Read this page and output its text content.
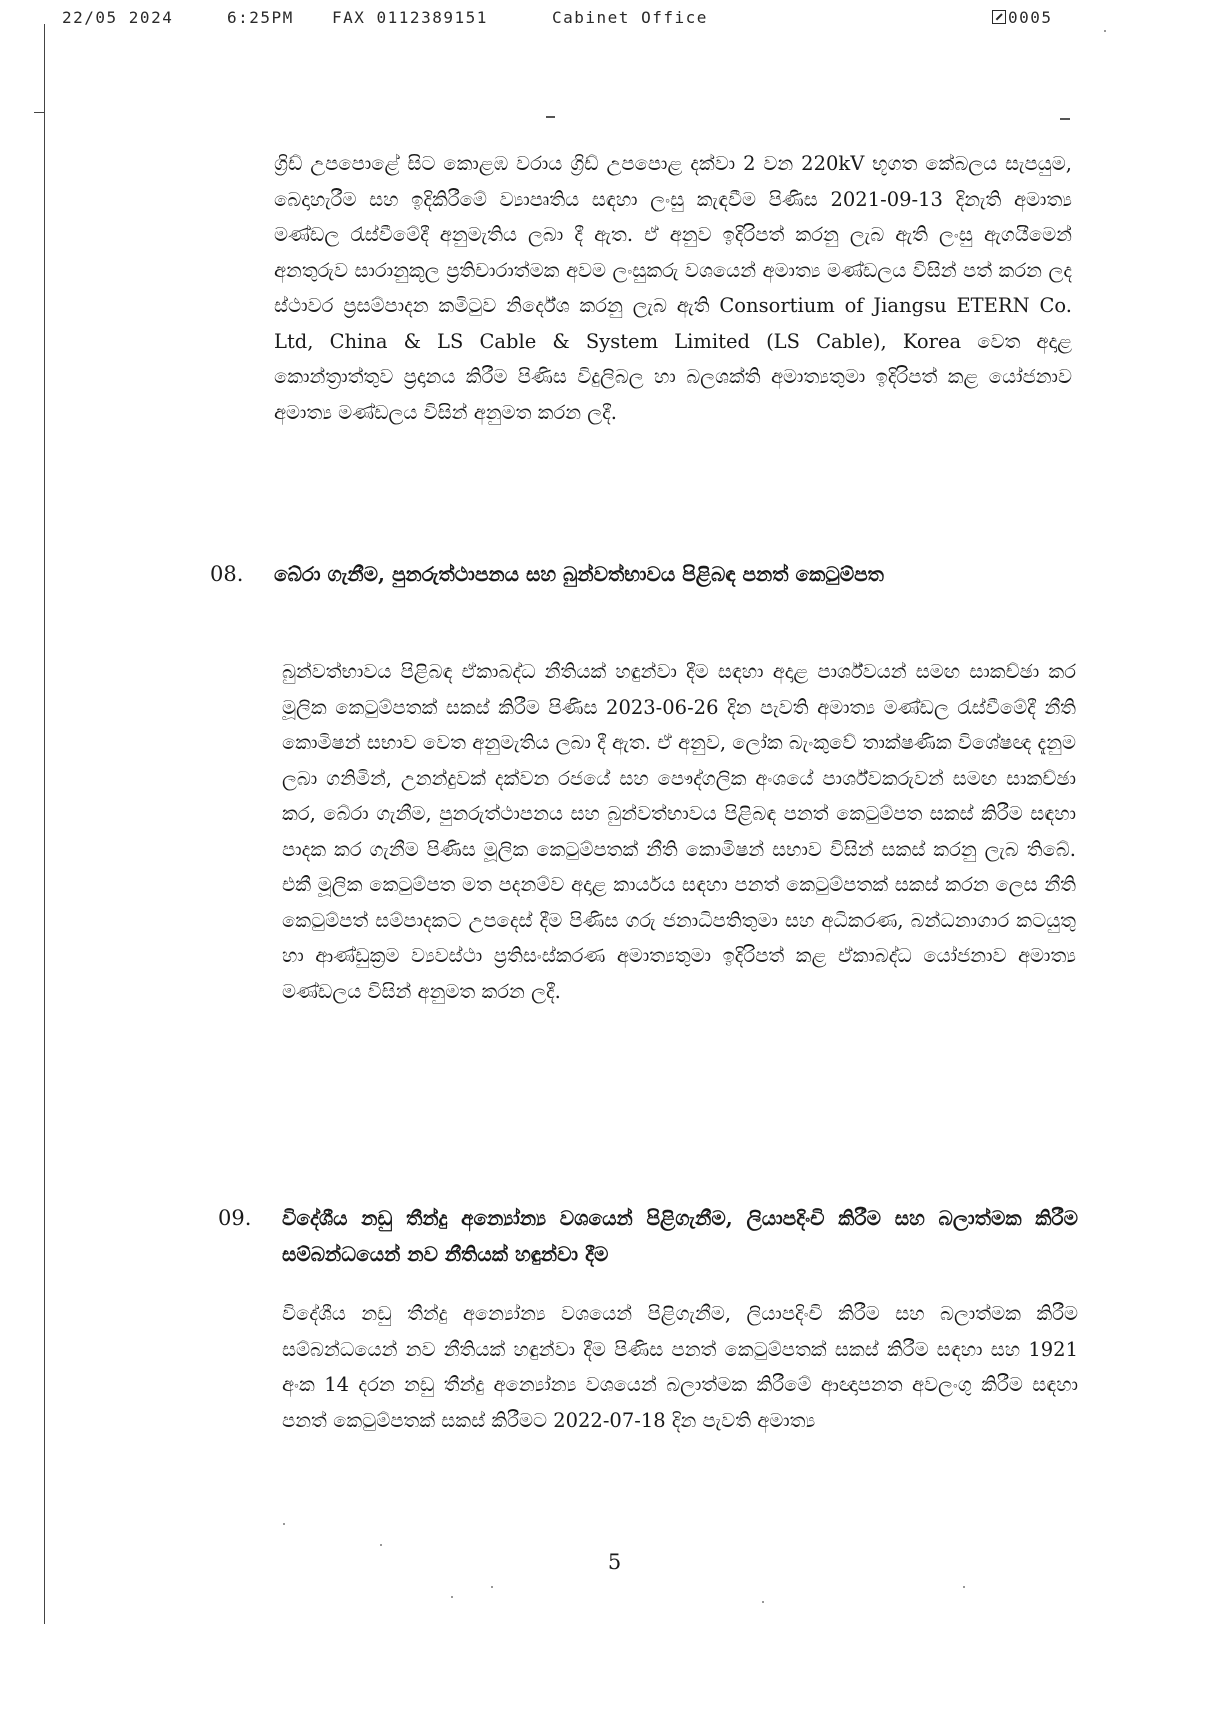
22/05 2024	6:25PM FAX 0112389151	Cabinet Office	0005

ග්‍රිඩ් උපපොළේ සිට කොළඹ වරාය ග්‍රිඩ් උපපොළ දක්වා 2 වන 220kV භූගත කේබලය සැපයුම, බෙදාහැරීම සහ ඉදිකිරීමේ ව්‍යාපෘතිය සඳහා ලංසු කැඳවීම පිණිස 2021-09-13 දිනැති අමාත්‍ය මණ්ඩල රැස්වීමේදී අනුමැතිය ලබා දී ඇත. ඒ අනුව ඉදිරිපත් කරනු ලැබ ඇති ලංසු ඇගයීමෙන් අනතුරුව සාරානුකූල ප්‍රතිචාරාත්මක අවම ලංසුකරු වශයෙන් අමාත්‍ය මණ්ඩලය විසින් පත් කරන ලද ස්ථාවර ප්‍රසම්පාදන කමිටුව නිර්දේශ කරනු ලැබ ඇති Consortium of Jiangsu ETERN Co. Ltd, China & LS Cable & System Limited (LS Cable), Korea වෙත අදාළ කොන්ත්‍රාත්තුව ප්‍රදානය කිරීම පිණිස විදුලිබල හා බලශක්ති අමාත්‍යතුමා ඉදිරිපත් කළ යෝජනාව අමාත්‍ය මණ්ඩලය විසින් අනුමත කරන ලදී.

08. බේරා ගැනීම, පුනරුත්ථාපනය සහ බුන්වත්භාවය පිළිබඳ පනත් කෙටුම්පත

බුන්වත්භාවය පිළිබඳ ඒකාබද්ධ නීතියක් හඳුන්වා දීම සඳහා අදාළ පාර්ශ්වයන් සමඟ සාකච්ඡා කර මූලික කෙටුම්පතක් සකස් කිරීම පිණිස 2023-06-26 දින පැවති අමාත්‍ය මණ්ඩල රැස්වීමේදී නීති කොමිෂන් සභාව වෙත අනුමැතිය ලබා දී ඇත. ඒ අනුව, ලෝක බැංකුවේ තාක්ෂණික විශේෂඥ දැනුම ලබා ගනිමින්, උනන්දුවක් දක්වන රජයේ සහ පෞද්ගලික අංශයේ පාර්ශ්වකරුවන් සමඟ සාකච්ඡා කර, බේරා ගැනීම, පුනරුත්ථාපනය සහ බුන්වත්භාවය පිළිබඳ පනත් කෙටුම්පත සකස් කිරීම සඳහා පාදක කර ගැනීම පිණිස මූලික කෙටුම්පතක් නීති කොමිෂන් සභාව විසින් සකස් කරනු ලැබ තිබේ. එකී මූලික කෙටුම්පත මත පදනම්ව අදාළ කාර්යය සඳහා පනත් කෙටුම්පතක් සකස් කරන ලෙස නීති කෙටුම්පත් සම්පාදකට උපදෙස් දීම පිණිස ගරු ජනාධිපතිතුමා සහ අධිකරණ, බන්ධනාගාර කටයුතු හා ආණ්ඩුක්‍රම ව්‍යවස්ථා ප්‍රතිසංස්කරණ අමාත්‍යතුමා ඉදිරිපත් කළ ඒකාබද්ධ යෝජනාව අමාත්‍ය මණ්ඩලය විසින් අනුමත කරන ලදී.

09. විදේශීය නඩු තීන්දු අන්‍යෝන්‍ය වශයෙන් පිළිගැනීම, ලියාපදිංචි කිරීම සහ බලාත්මක කිරීම සම්බන්ධයෙන් නව නීතියක් හඳුන්වා දීම

විදේශීය නඩු තීන්දු අන්‍යෝන්‍ය වශයෙන් පිළිගැනීම, ලියාපදිංචි කිරීම සහ බලාත්මක කිරීම සම්බන්ධයෙන් නව නීතියක් හඳුන්වා දීම පිණිස පනත් කෙටුම්පතක් සකස් කිරීම සඳහා සහ 1921 අංක 14 දරන නඩු තීන්දු අන්‍යෝන්‍ය වශයෙන් බලාත්මක කිරීමේ ආඥාපනත අවලංගු කිරීම සඳහා පනත් කෙටුම්පතක් සකස් කිරීමට 2022-07-18 දින පැවති අමාත්‍ය

5
